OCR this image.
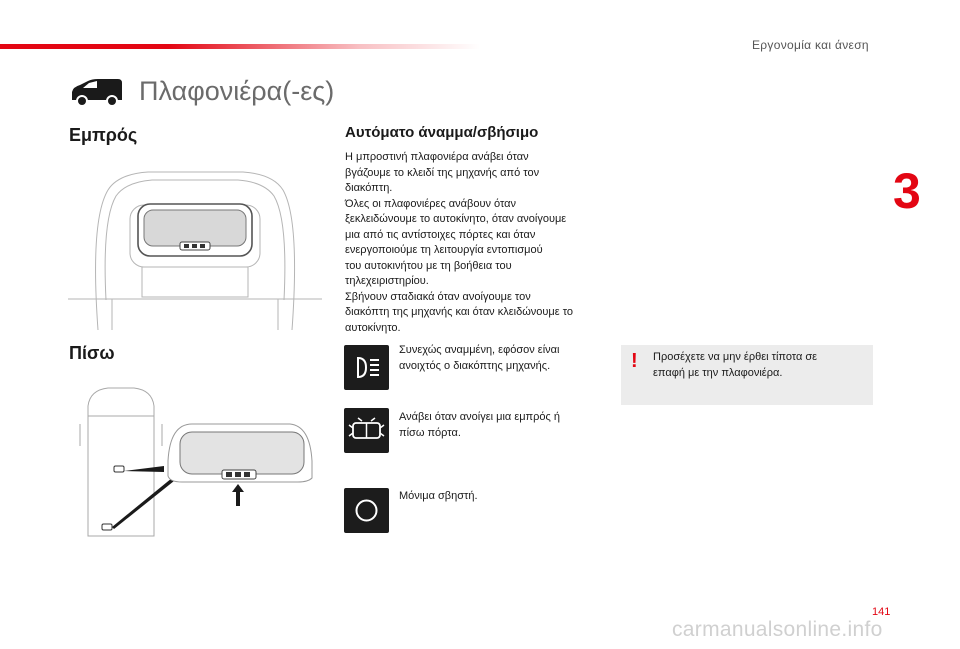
Εργονομία και άνεση
Πλαφονιέρα(-ες)
3
Εμπρός
Πίσω
Αυτόματο άναμμα/σβήσιμο

Η μπροστινή πλαφονιέρα ανάβει όταν

βγάζουμε το κλειδί της μηχανής από τον

διακόπτη.

Όλες οι πλαφονιέρες ανάβουν όταν

ξεκλειδώνουμε το αυτοκίνητο, όταν ανοίγουμε

μια από τις αντίστοιχες πόρτες και όταν

ενεργοποιούμε τη λειτουργία εντοπισμού

του αυτοκινήτου με τη βοήθεια του

τηλεχειριστηρίου.

Σβήνουν σταδιακά όταν ανοίγουμε τον

διακόπτη της μηχανής και όταν κλειδώνουμε το

αυτοκίνητο.

Συνεχώς αναμμένη, εφόσον είναι
ανοιχτός ο διακόπτης μηχανής.
Ανάβει όταν ανοίγει μια εμπρός ή
πίσω πόρτα.
Μόνιμα σβηστή.
! Προσέχετε να μην έρθει τίποτα σε
επαφή με την πλαφονιέρα.
141
carmanualsonline.info
